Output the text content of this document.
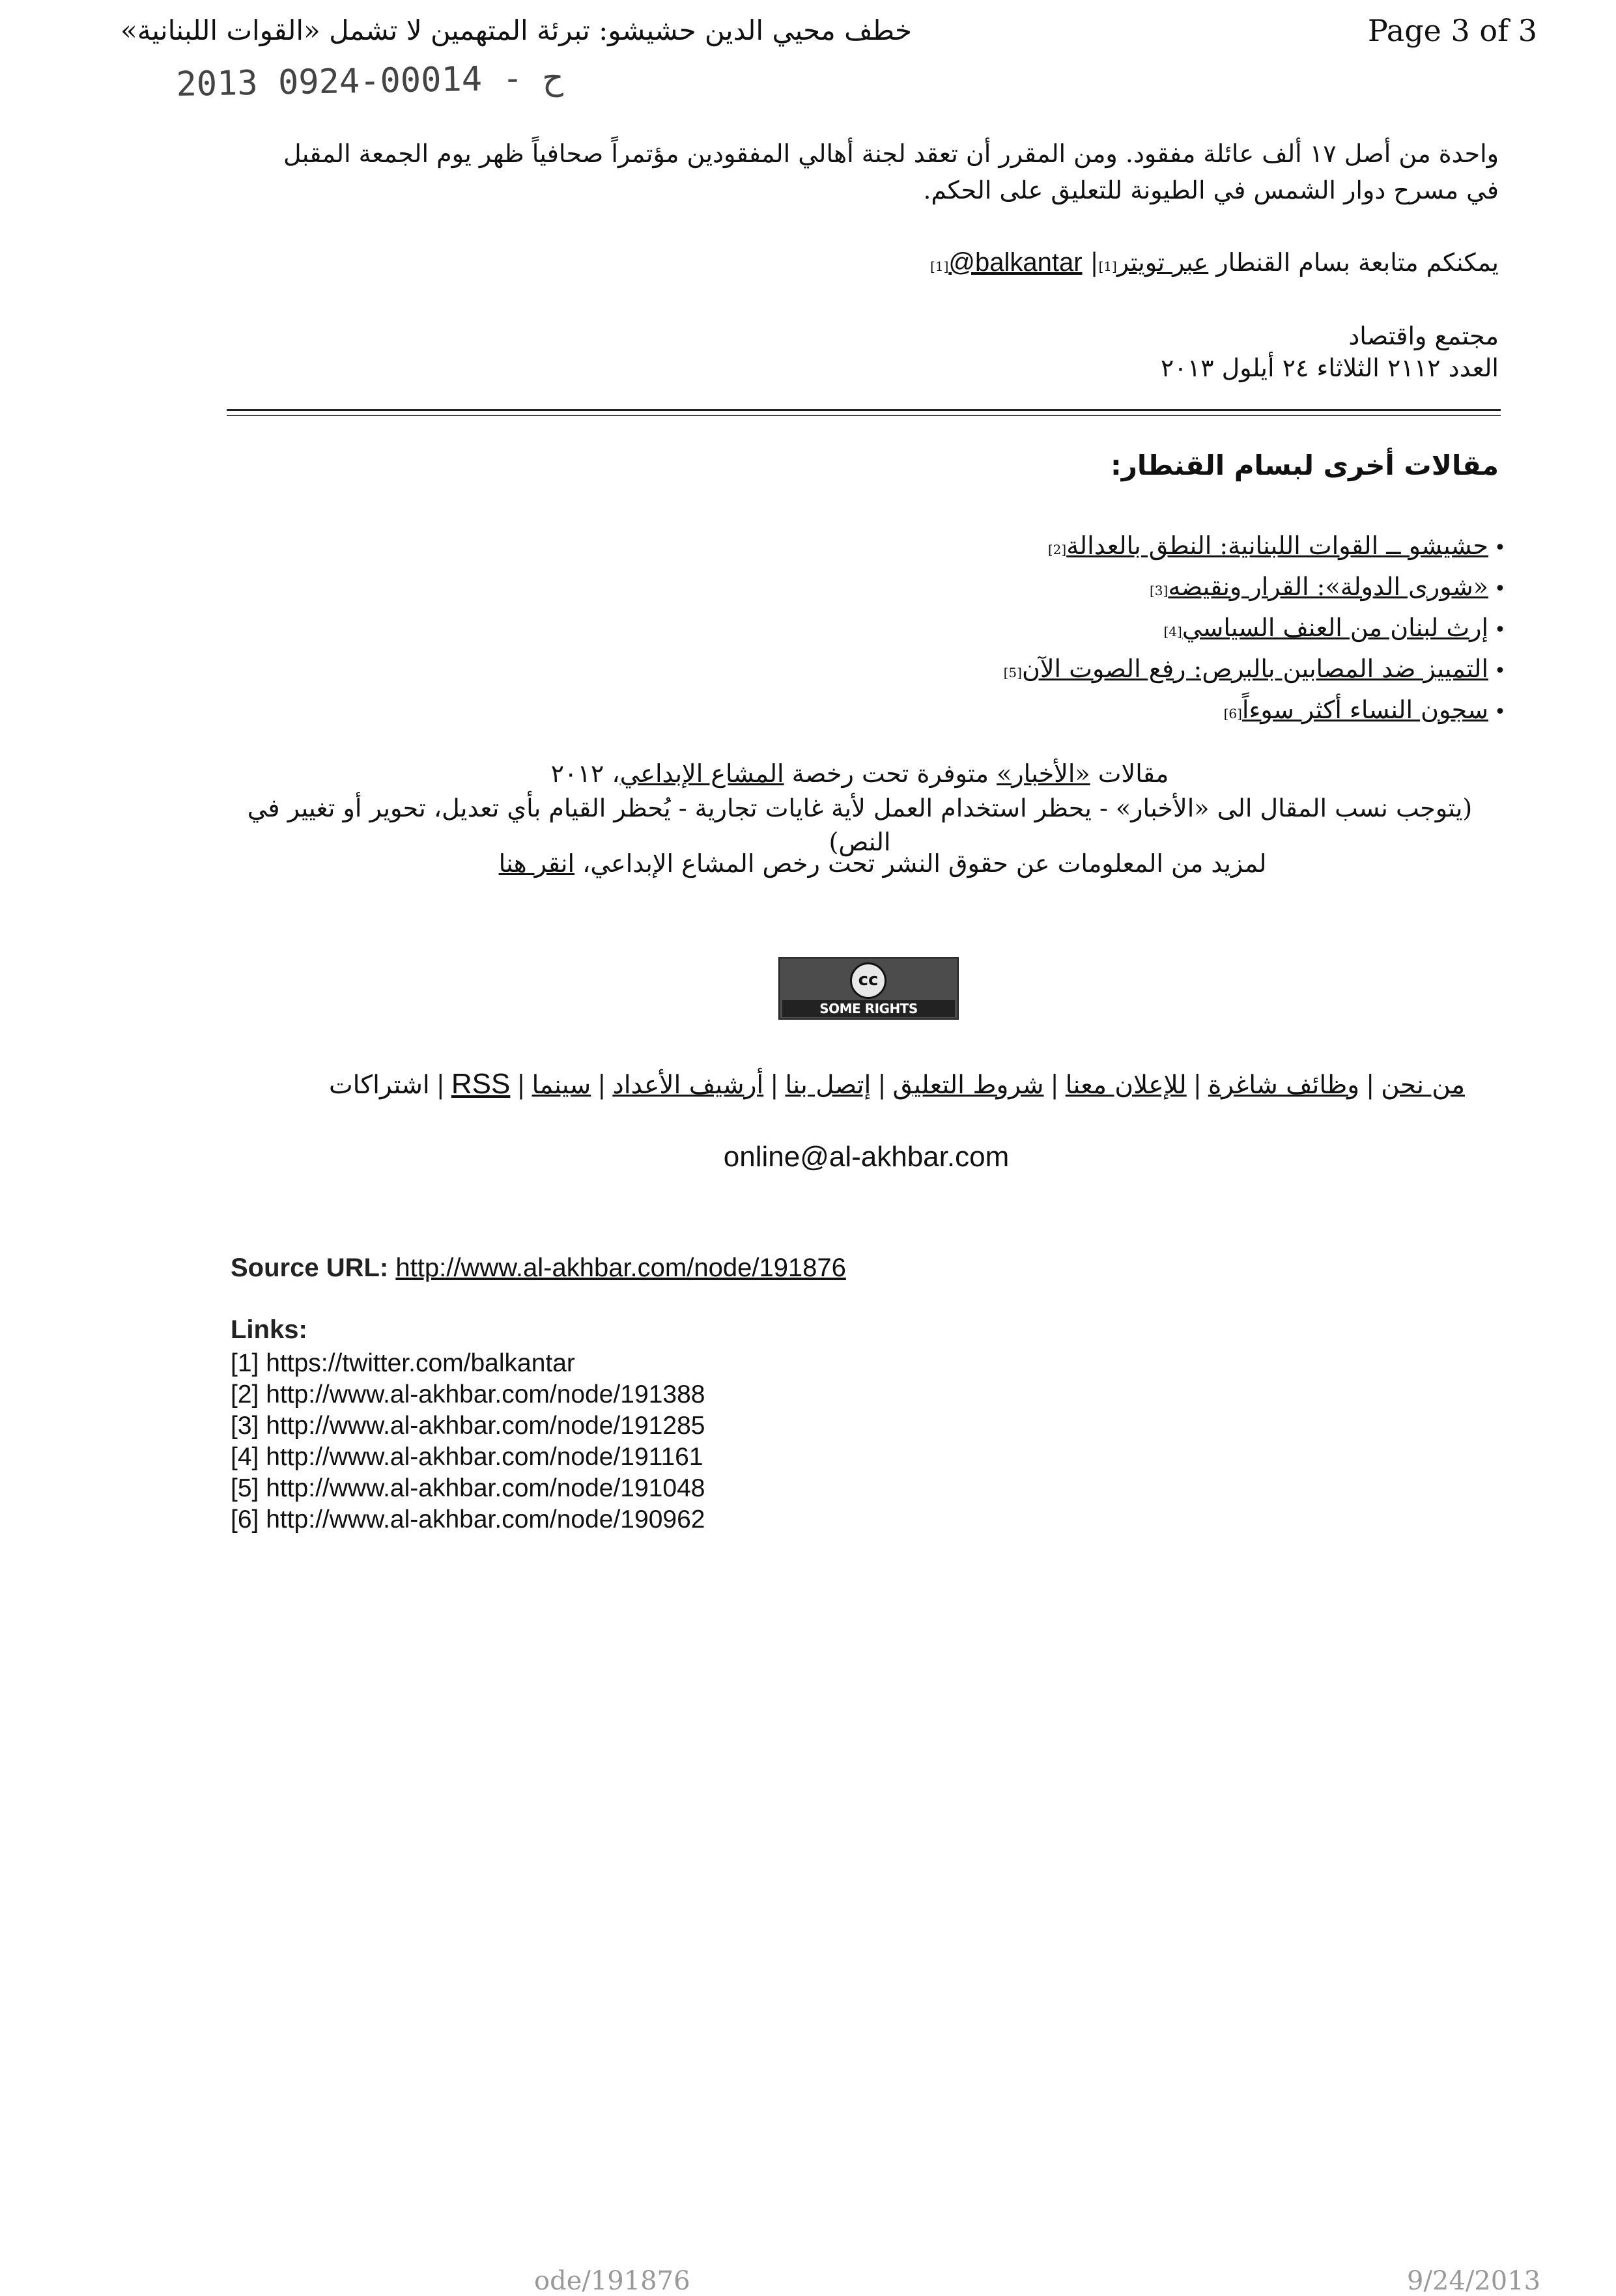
خطف محيي الدين حشيشو: تبرئة المتهمين لا تشمل «القوات اللبنانية»	Page 3 of 3
2013 0924-00014 - ح
واحدة من أصل ١٧ ألف عائلة مفقود. ومن المقرر أن تعقد لجنة أهالي المفقودين مؤتمراً صحافياً ظهر يوم الجمعة المقبل
في مسرح دوار الشمس في الطيونة للتعليق على الحكم.
يمكنكم متابعة بسام القنطار عبر تويتر[1]| @balkantar[1]
مجتمع واقتصاد
العدد ٢١١٢ الثلاثاء ٢٤ أيلول ٢٠١٣
مقالات أخرى لبسام القنطار:
•حشيشو ــ القوات اللبنانية: النطق بالعدالة[2]
•«شورى الدولة»: القرار ونقيضه[3]
•إرث لبنان من العنف السياسي[4]
•التمييز ضد المصابين بالبرص: رفع الصوت الآن[5]
•سجون النساء أكثر سوءاً[6]
مقالات «الأخبار» متوفرة تحت رخصة المشاع الإبداعي، ٢٠١٢
(يتوجب نسب المقال الى «الأخبار» - يحظر استخدام العمل لأية غايات تجارية - يُحظر القيام بأي تعديل، تحوير أو تغيير في النص)
لمزيد من المعلومات عن حقوق النشر تحت رخص المشاع الإبداعي، انقر هنا
cc
SOME RIGHTS RESERVED
من نحن|وظائف شاغرة|للإعلان معنا|شروط التعليق|إتصل بنا|أرشيف الأعداد|سينما|RSS|اشتراكات
online@al-akhbar.com
Source URL: http://www.al-akhbar.com/node/191876
Links:
[1] https://twitter.com/balkantar
[2] http://www.al-akhbar.com/node/191388
[3] http://www.al-akhbar.com/node/191285
[4] http://www.al-akhbar.com/node/191161
[5] http://www.al-akhbar.com/node/191048
[6] http://www.al-akhbar.com/node/190962
ode/191876	9/24/2013
